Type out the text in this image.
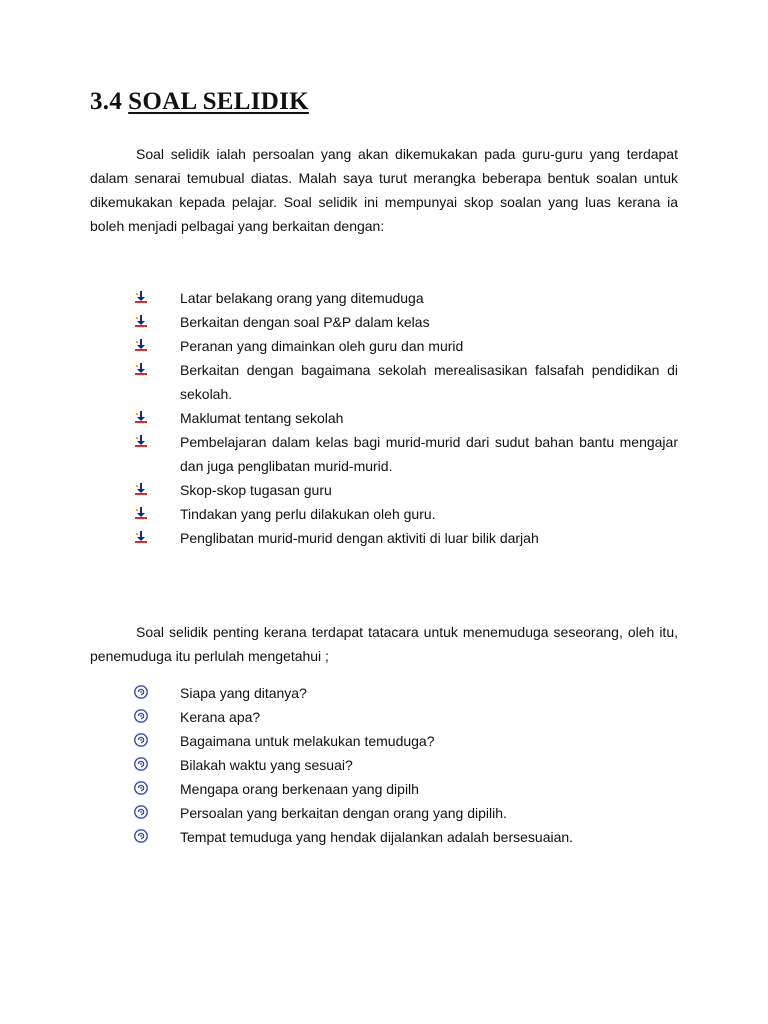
3.4 SOAL SELIDIK

Soal selidik ialah persoalan yang akan dikemukakan pada guru-guru yang terdapat dalam senarai temubual diatas. Malah saya turut merangka beberapa bentuk soalan untuk dikemukakan kepada pelajar. Soal selidik ini mempunyai skop soalan yang luas kerana ia boleh menjadi pelbagai yang berkaitan dengan:

Latar belakang orang yang ditemuduga
Berkaitan dengan soal P&P dalam kelas
Peranan yang dimainkan oleh guru dan murid
Berkaitan dengan bagaimana sekolah merealisasikan falsafah pendidikan di sekolah.
Maklumat tentang sekolah
Pembelajaran dalam kelas bagi murid-murid dari sudut bahan bantu mengajar dan juga penglibatan murid-murid.
Skop-skop tugasan guru
Tindakan yang perlu dilakukan oleh guru.
Penglibatan murid-murid dengan aktiviti di luar bilik darjah

Soal selidik penting kerana terdapat tatacara untuk menemuduga seseorang, oleh itu, penemuduga itu perlulah mengetahui ;

Siapa yang ditanya?
Kerana apa?
Bagaimana untuk melakukan temuduga?
Bilakah waktu yang sesuai?
Mengapa orang berkenaan yang dipilh
Persoalan yang berkaitan dengan orang yang dipilih.
Tempat temuduga yang hendak dijalankan adalah bersesuaian.
